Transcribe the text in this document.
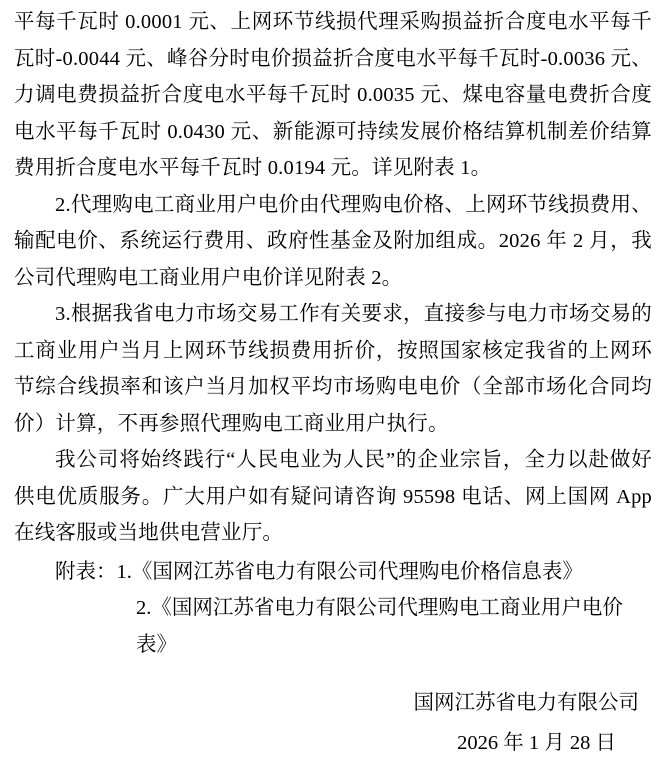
平每千瓦时 0.0001 元、上网环节线损代理采购损益折合度电水平每千瓦时-0.0044 元、峰谷分时电价损益折合度电水平每千瓦时-0.0036 元、力调电费损益折合度电水平每千瓦时 0.0035 元、煤电容量电费折合度电水平每千瓦时 0.0430 元、新能源可持续发展价格结算机制差价结算费用折合度电水平每千瓦时 0.0194 元。详见附表 1。

2.代理购电工商业用户电价由代理购电价格、上网环节线损费用、输配电价、系统运行费用、政府性基金及附加组成。2026 年 2 月，我公司代理购电工商业用户电价详见附表 2。

3.根据我省电力市场交易工作有关要求，直接参与电力市场交易的工商业用户当月上网环节线损费用折价，按照国家核定我省的上网环节综合线损率和该户当月加权平均市场购电电价（全部市场化合同均价）计算，不再参照代理购电工商业用户执行。

我公司将始终践行“人民电业为人民”的企业宗旨，全力以赴做好供电优质服务。广大用户如有疑问请咨询 95598 电话、网上国网 App 在线客服或当地供电营业厅。

附表：1.《国网江苏省电力有限公司代理购电价格信息表》

2.《国网江苏省电力有限公司代理购电工商业用户电价表》

国网江苏省电力有限公司

2026 年 1 月 28 日
